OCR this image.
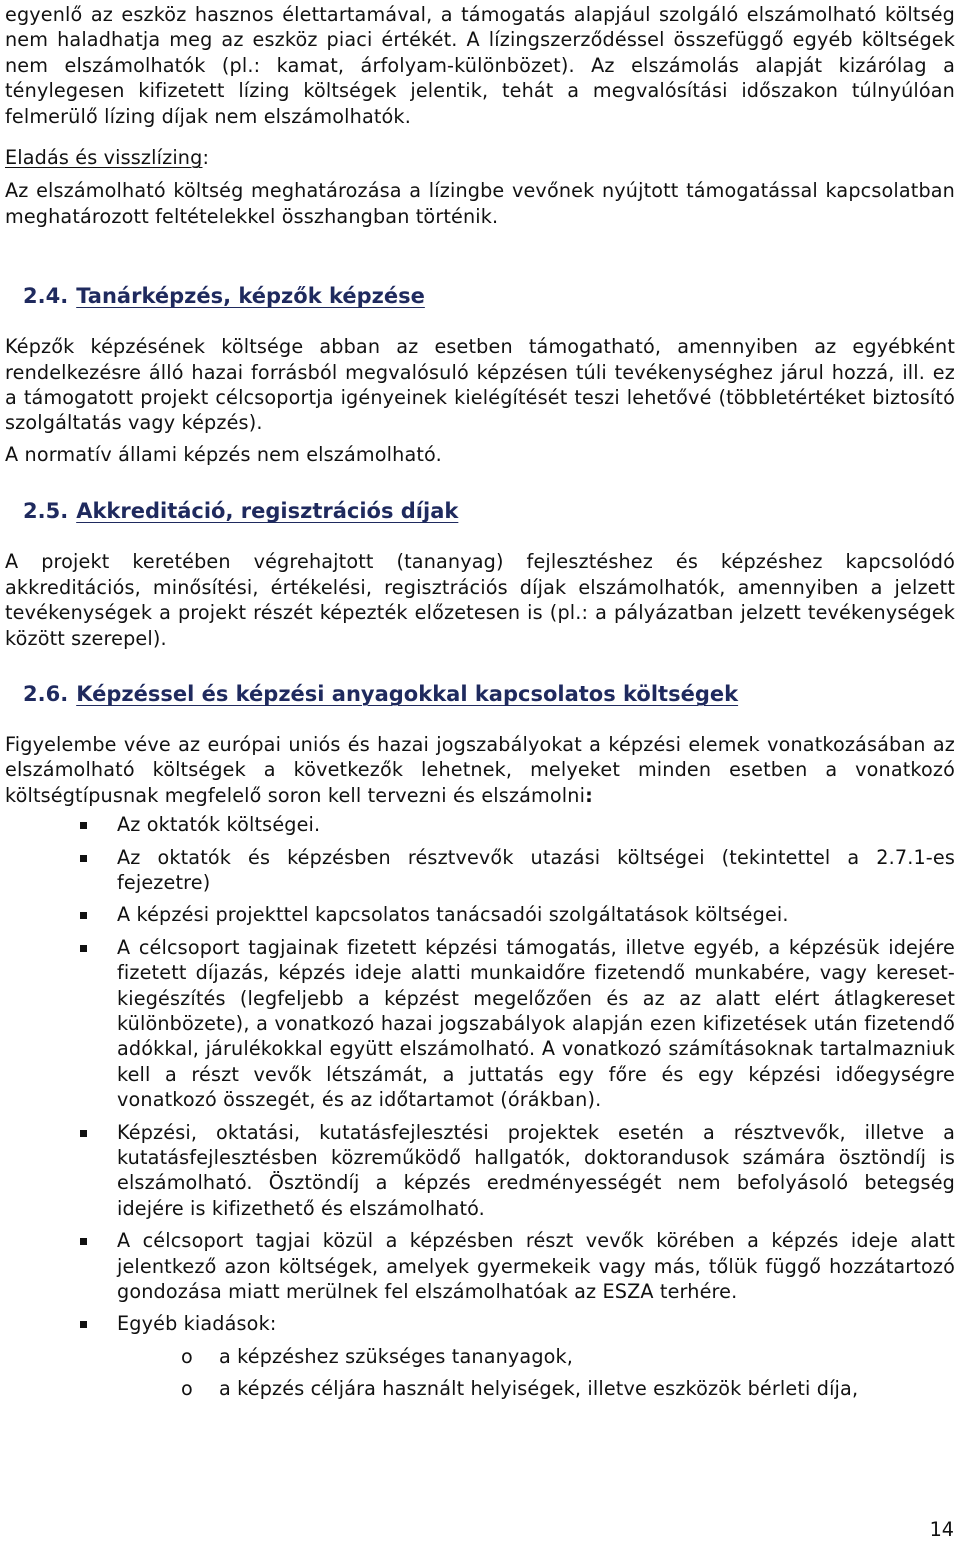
egyenlő az eszköz hasznos élettartamával, a támogatás alapjául szolgáló elszámolható költség nem haladhatja meg az eszköz piaci értékét. A lízingszerződéssel összefüggő egyéb költségek nem elszámolhatók (pl.: kamat, árfolyam-különbözet). Az elszámolás alapját kizárólag a ténylegesen kifizetett lízing költségek jelentik, tehát a megvalósítási időszakon túlnyúlóan felmerülő lízing díjak nem elszámolhatók.

Eladás és visszlízing:

Az elszámolható költség meghatározása a lízingbe vevőnek nyújtott támogatással kapcsolatban meghatározott feltételekkel összhangban történik.

2.4. Tanárképzés, képzők képzése

Képzők képzésének költsége abban az esetben támogatható, amennyiben az egyébként rendelkezésre álló hazai forrásból megvalósuló képzésen túli tevékenységhez járul hozzá, ill. ez a támogatott projekt célcsoportja igényeinek kielégítését teszi lehetővé (többletértéket biztosító szolgáltatás vagy képzés).

A normatív állami képzés nem elszámolható.

2.5. Akkreditáció, regisztrációs díjak

A projekt keretében végrehajtott (tananyag) fejlesztéshez és képzéshez kapcsolódó akkreditációs, minősítési, értékelési, regisztrációs díjak elszámolhatók, amennyiben a jelzett tevékenységek a projekt részét képezték előzetesen is (pl.: a pályázatban jelzett tevékenységek között szerepel).

2.6. Képzéssel és képzési anyagokkal kapcsolatos költségek

Figyelembe véve az európai uniós és hazai jogszabályokat a képzési elemek vonatkozásában az elszámolható költségek a következők lehetnek, melyeket minden esetben a vonatkozó költségtípusnak megfelelő soron kell tervezni és elszámolni:

Az oktatók költségei.
Az oktatók és képzésben résztvevők utazási költségei (tekintettel a 2.7.1-es fejezetre)
A képzési projekttel kapcsolatos tanácsadói szolgáltatások költségei.
A célcsoport tagjainak fizetett képzési támogatás, illetve egyéb, a képzésük idejére fizetett díjazás, képzés ideje alatti munkaidőre fizetendő munkabére, vagy kereset-kiegészítés (legfeljebb a képzést megelőzően és az az alatt elért átlagkereset különbözete), a vonatkozó hazai jogszabályok alapján ezen kifizetések után fizetendő adókkal, járulékokkal együtt elszámolható. A vonatkozó számításoknak tartalmazniuk kell a részt vevők létszámát, a juttatás egy főre és egy képzési időegységre vonatkozó összegét, és az időtartamot (órákban).
Képzési, oktatási, kutatásfejlesztési projektek esetén a résztvevők, illetve a kutatásfejlesztésben közreműködő hallgatók, doktorandusok számára ösztöndíj is elszámolható. Ösztöndíj a képzés eredményességét nem befolyásoló betegség idejére is kifizethető és elszámolható.
A célcsoport tagjai közül a képzésben részt vevők körében a képzés ideje alatt jelentkező azon költségek, amelyek gyermekeik vagy más, tőlük függő hozzátartozó gondozása miatt merülnek fel elszámolhatóak az ESZA terhére.
Egyéb kiadások:
o a képzéshez szükséges tananyagok,
o a képzés céljára használt helyiségek, illetve eszközök bérleti díja,
14
